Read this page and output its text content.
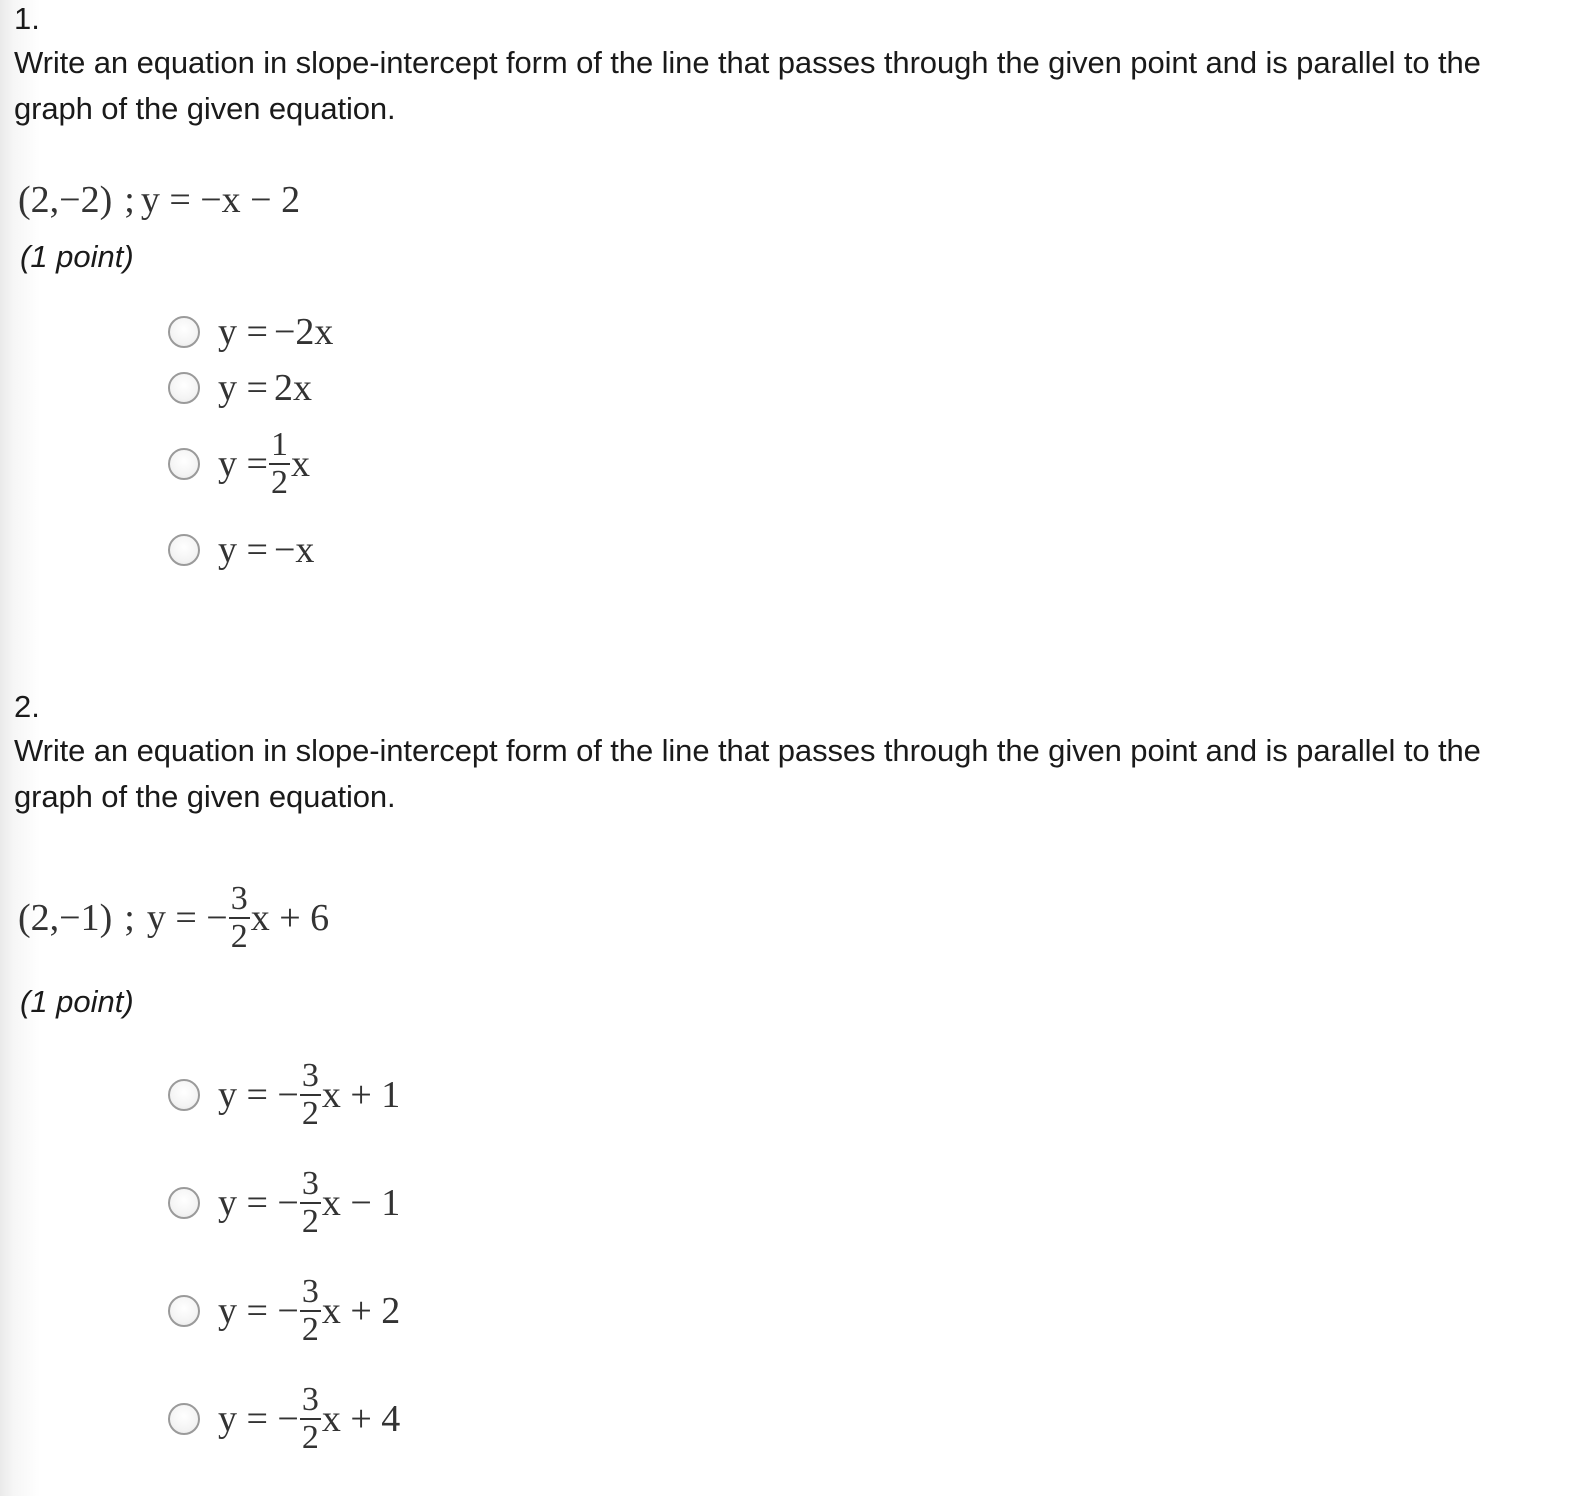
1.
Write an equation in slope-intercept form of the line that passes through the given point and is parallel to the graph of the given equation.
(2,−2) ; y = −x − 2
(1 point)
y = −2x
y = 2x
$y = \frac{1}{2}$ x
y = −x
2.
Write an equation in slope-intercept form of the line that passes through the given point and is parallel to the graph of the given equation.
(2,−1) ; y = − $\frac{3}{2}$ x + 6
(1 point)
y = − $\frac{3}{2}$ x + 1
y = − $\frac{3}{2}$ x − 1
y = − $\frac{3}{2}$ x + 2
y = − $\frac{3}{2}$ x + 4
